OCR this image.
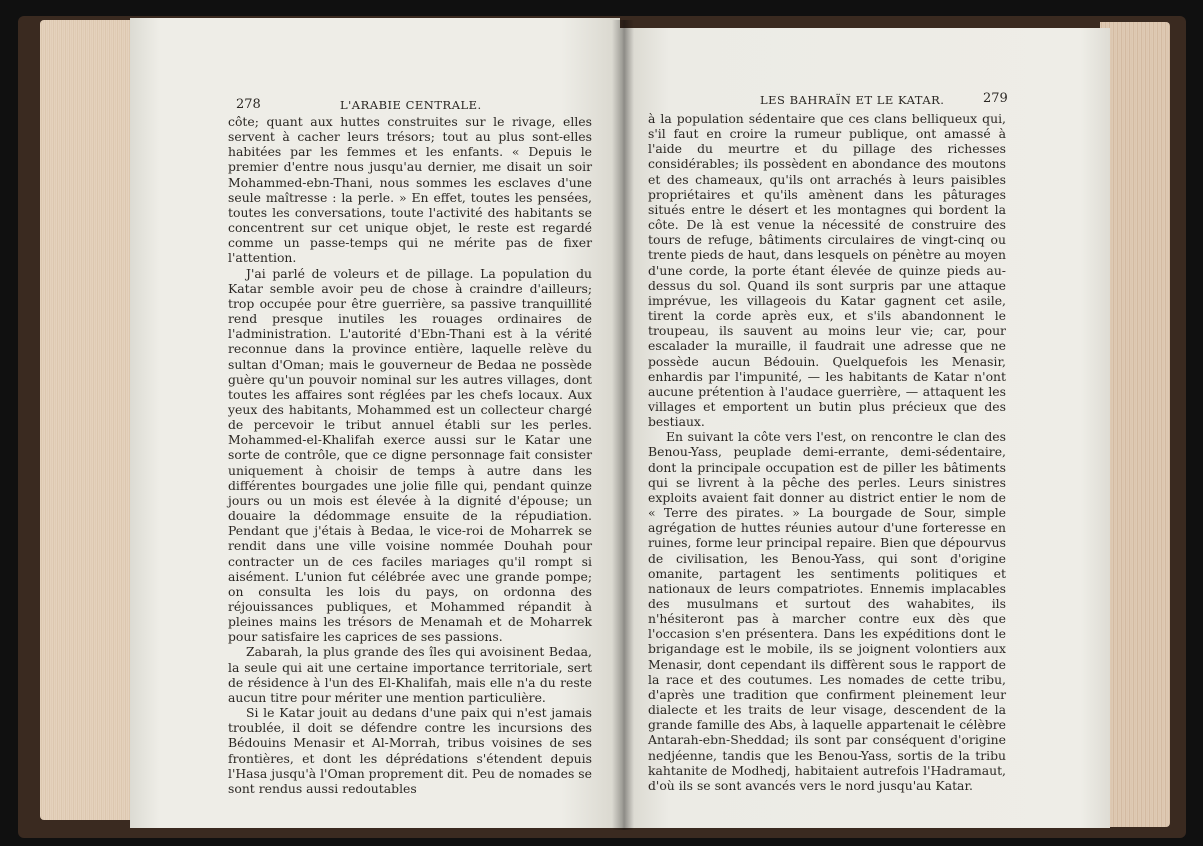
278	L'ARABIE CENTRALE.

côte; quant aux huttes construites sur le rivage, elles servent à cacher leurs trésors; tout au plus sont-elles habitées par les femmes et les enfants. « Depuis le premier d'entre nous jusqu'au dernier, me disait un soir Mohammed-ebn-Thani, nous sommes les esclaves d'une seule maîtresse : la perle. » En effet, toutes les pensées, toutes les conversations, toute l'activité des habitants se concentrent sur cet unique objet, le reste est regardé comme un passe-temps qui ne mérite pas de fixer l'attention.

J'ai parlé de voleurs et de pillage. La population du Katar semble avoir peu de chose à craindre d'ailleurs; trop occupée pour être guerrière, sa passive tranquillité rend presque inutiles les rouages ordinaires de l'administration. L'autorité d'Ebn-Thani est à la vérité reconnue dans la province entière, laquelle relève du sultan d'Oman; mais le gouverneur de Bedaa ne possède guère qu'un pouvoir nominal sur les autres villages, dont toutes les affaires sont réglées par les chefs locaux. Aux yeux des habitants, Mohammed est un collecteur chargé de percevoir le tribut annuel établi sur les perles. Mohammed-el-Khalifah exerce aussi sur le Katar une sorte de contrôle, que ce digne personnage fait consister uniquement à choisir de temps à autre dans les différentes bourgades une jolie fille qui, pendant quinze jours ou un mois est élevée à la dignité d'épouse; un douaire la dédommage ensuite de la répudiation. Pendant que j'étais à Bedaa, le vice-roi de Moharrek se rendit dans une ville voisine nommée Douhah pour contracter un de ces faciles mariages qu'il rompt si aisément. L'union fut célébrée avec une grande pompe; on consulta les lois du pays, on ordonna des réjouissances publiques, et Mohammed répandit à pleines mains les trésors de Menamah et de Moharrek pour satisfaire les caprices de ses passions.

Zabarah, la plus grande des îles qui avoisinent Bedaa, la seule qui ait une certaine importance territoriale, sert de résidence à l'un des El-Khalifah, mais elle n'a du reste aucun titre pour mériter une mention particulière.

Si le Katar jouit au dedans d'une paix qui n'est jamais troublée, il doit se défendre contre les incursions des Bédouins Menasir et Al-Morrah, tribus voisines de ses frontières, et dont les déprédations s'étendent depuis l'Hasa jusqu'à l'Oman proprement dit. Peu de nomades se sont rendus aussi redoutables

LES BAHRAÏN ET LE KATAR.	279

à la population sédentaire que ces clans belliqueux qui, s'il faut en croire la rumeur publique, ont amassé à l'aide du meurtre et du pillage des richesses considérables; ils possèdent en abondance des moutons et des chameaux, qu'ils ont arrachés à leurs paisibles propriétaires et qu'ils amènent dans les pâturages situés entre le désert et les montagnes qui bordent la côte. De là est venue la nécessité de construire des tours de refuge, bâtiments circulaires de vingt-cinq ou trente pieds de haut, dans lesquels on pénètre au moyen d'une corde, la porte étant élevée de quinze pieds au-dessus du sol. Quand ils sont surpris par une attaque imprévue, les villageois du Katar gagnent cet asile, tirent la corde après eux, et s'ils abandonnent le troupeau, ils sauvent au moins leur vie; car, pour escalader la muraille, il faudrait une adresse que ne possède aucun Bédouin. Quelquefois les Menasir, enhardis par l'impunité, — les habitants de Katar n'ont aucune prétention à l'audace guerrière, — attaquent les villages et emportent un butin plus précieux que des bestiaux.

En suivant la côte vers l'est, on rencontre le clan des Benou-Yass, peuplade demi-errante, demi-sédentaire, dont la principale occupation est de piller les bâtiments qui se livrent à la pêche des perles. Leurs sinistres exploits avaient fait donner au district entier le nom de « Terre des pirates. » La bourgade de Sour, simple agrégation de huttes réunies autour d'une forteresse en ruines, forme leur principal repaire. Bien que dépourvus de civilisation, les Benou-Yass, qui sont d'origine omanite, partagent les sentiments politiques et nationaux de leurs compatriotes. Ennemis implacables des musulmans et surtout des wahabites, ils n'hésiteront pas à marcher contre eux dès que l'occasion s'en présentera. Dans les expéditions dont le brigandage est le mobile, ils se joignent volontiers aux Menasir, dont cependant ils diffèrent sous le rapport de la race et des coutumes. Les nomades de cette tribu, d'après une tradition que confirment pleinement leur dialecte et les traits de leur visage, descendent de la grande famille des Abs, à laquelle appartenait le célèbre Antarah-ebn-Sheddad; ils sont par conséquent d'origine nedjéenne, tandis que les Benou-Yass, sortis de la tribu kahtanite de Modhedj, habitaient autrefois l'Hadramaut, d'où ils se sont avancés vers le nord jusqu'au Katar.
